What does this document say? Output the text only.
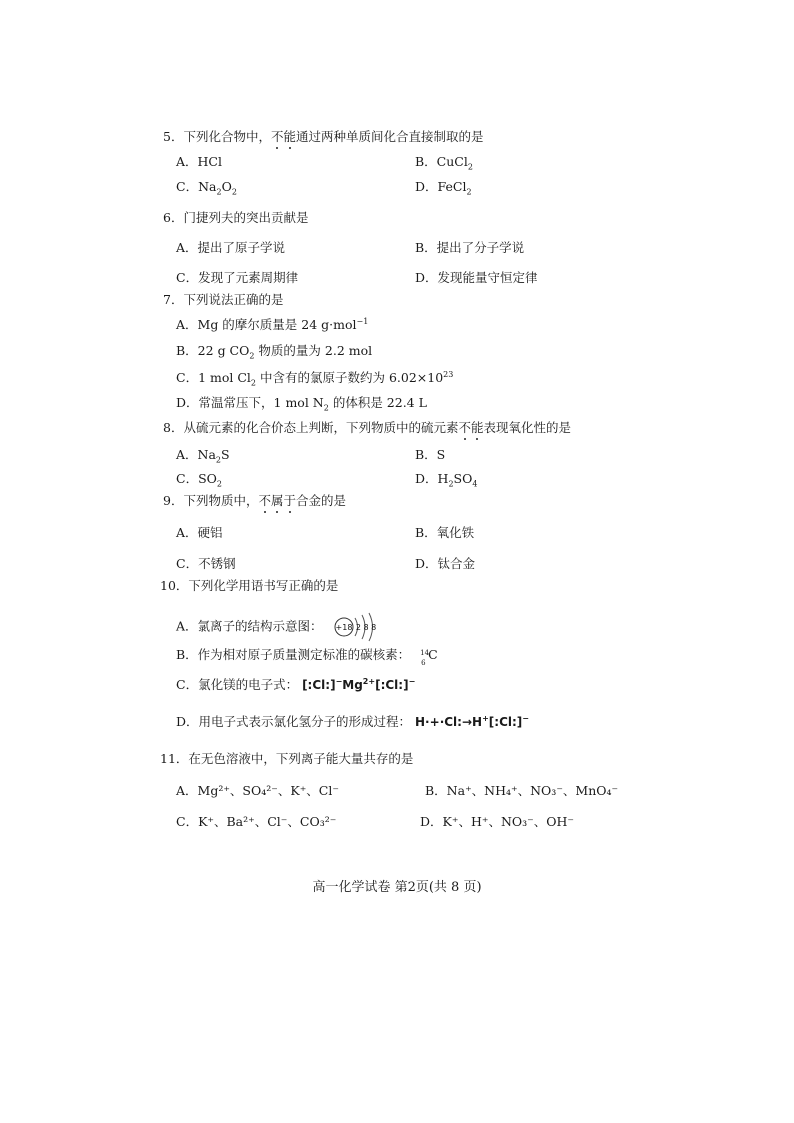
5．下列化合物中，不能通过两种单质间化合直接制取的是
A．HCl	B．CuCl$_2$
C．$Na_2O_2$	D．FeCl$_2$
6．门捷列夫的突出贡献是
A．提出了原子学说	B．提出了分子学说
C．发现了元素周期律	D．发现能量守恒定律
7．下列说法正确的是
A．Mg 的摩尔质量是 24 g·mol$^{-1}$
B．22 g $CO_2$ 物质的量为 2.2 mol
C．1 mol $Cl_2$ 中含有的氯原子数约为 $6.02\times 10^{23}$
D．常温常压下，1 mol $N_2$ 的体积是 22.4 L
8．从硫元素的化合价态上判断，下列物质中的硫元素不能表现氧化性的是
A．$Na_2S$	B．S
C．$SO_2$	D．$H_2SO_4$
9．下列物质中，不属于合金的是
A．硬铝	B．氧化铁
C．不锈钢	D．钛合金
10．下列化学用语书写正确的是
A．氯离子的结构示意图： +18 2 8 8
B．作为相对原子质量测定标准的碳核素： 14
6
C
C．氯化镁的电子式： $[:Cl:]^-Mg^{2+}[:Cl:]^-$
D．用电子式表示氯化氢分子的形成过程： H·+·Cl:→H+[:Cl:]−
11．在无色溶液中，下列离子能大量共存的是
A．Mg²⁺、SO₄²⁻、K⁺、Cl⁻	B．Na⁺、NH₄⁺、NO₃⁻、MnO₄⁻
C．K⁺、Ba²⁺、Cl⁻、CO₃²⁻	D．K⁺、H⁺、NO₃⁻、OH⁻
高一化学试卷 第2页(共 8 页)
